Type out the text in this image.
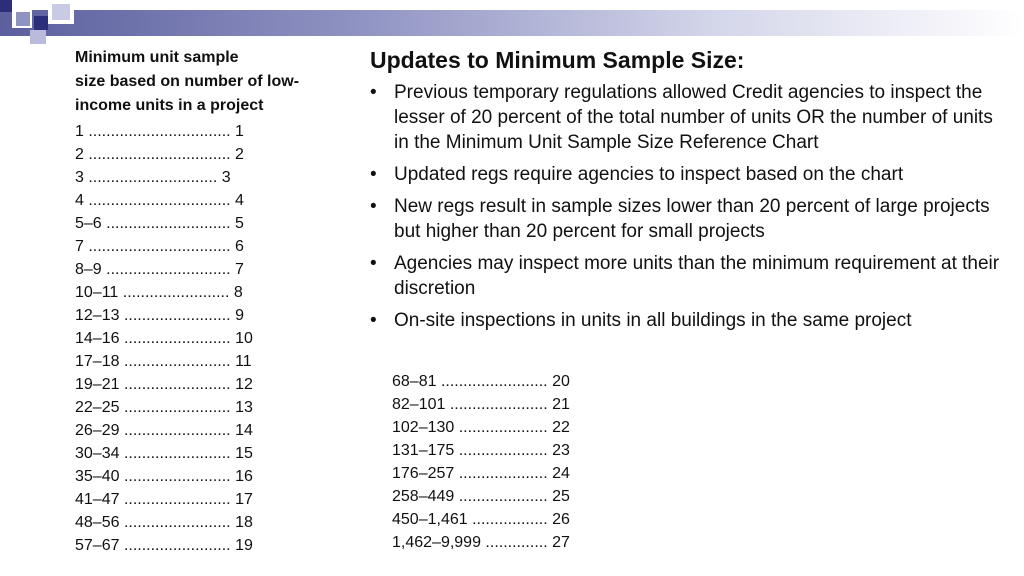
Minimum unit sample
size based on number of low-
income units in a project
1 ................................ 1
2 ................................ 2
3 ............................. 3
4 ................................ 4
5–6 ............................ 5
7 ................................ 6
8–9 ............................ 7
10–11 ........................ 8
12–13 ........................ 9
14–16 ........................ 10
17–18 ........................ 11
19–21 ........................ 12
22–25 ........................ 13
26–29 ........................ 14
30–34 ........................ 15
35–40 ........................ 16
41–47 ........................ 17
48–56 ........................ 18
57–67 ........................ 19
Updates to Minimum Sample Size:
• Previous temporary regulations allowed Credit agencies to inspect the lesser of 20 percent of the total number of units OR the number of units in the Minimum Unit Sample Size Reference Chart
• Updated regs require agencies to inspect based on the chart
• New regs result in sample sizes lower than 20 percent of large projects but higher than 20 percent for small projects
• Agencies may inspect more units than the minimum requirement at their discretion
• On-site inspections in units in all buildings in the same project
68–81 ........................ 20
82–101 ...................... 21
102–130 .................... 22
131–175 .................... 23
176–257 .................... 24
258–449 .................... 25
450–1,461 ................. 26
1,462–9,999 .............. 27
